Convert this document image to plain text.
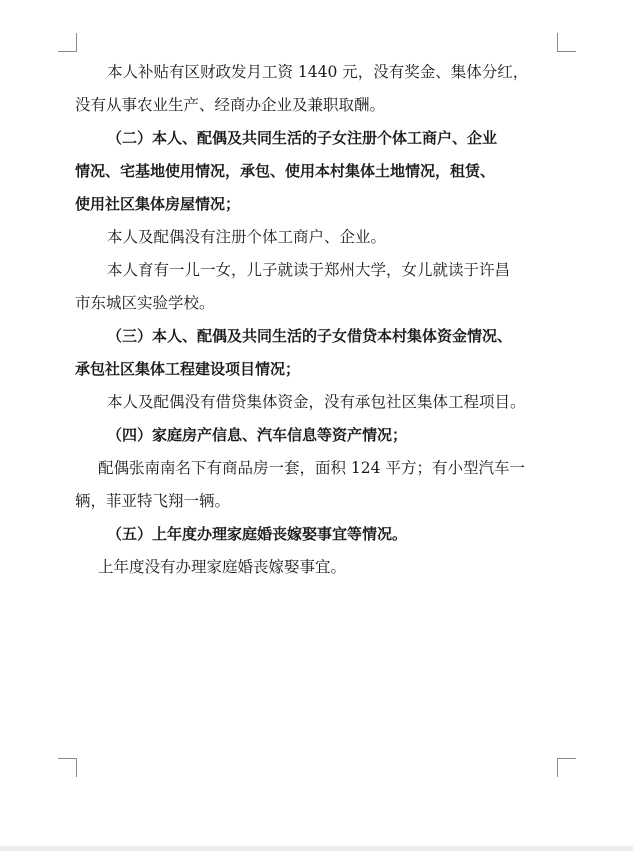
本人补贴有区财政发月工资 1440 元，没有奖金、集体分红，
没有从事农业生产、经商办企业及兼职取酬。
（二）本人、配偶及共同生活的子女注册个体工商户、企业
情况、宅基地使用情况，承包、使用本村集体土地情况，租赁、
使用社区集体房屋情况；
本人及配偶没有注册个体工商户、企业。
本人育有一儿一女，儿子就读于郑州大学，女儿就读于许昌
市东城区实验学校。
（三）本人、配偶及共同生活的子女借贷本村集体资金情况、
承包社区集体工程建设项目情况；
本人及配偶没有借贷集体资金，没有承包社区集体工程项目。
（四）家庭房产信息、汽车信息等资产情况；
配偶张南南名下有商品房一套，面积 124 平方；有小型汽车一
辆，菲亚特飞翔一辆。
（五）上年度办理家庭婚丧嫁娶事宜等情况。
上年度没有办理家庭婚丧嫁娶事宜。
